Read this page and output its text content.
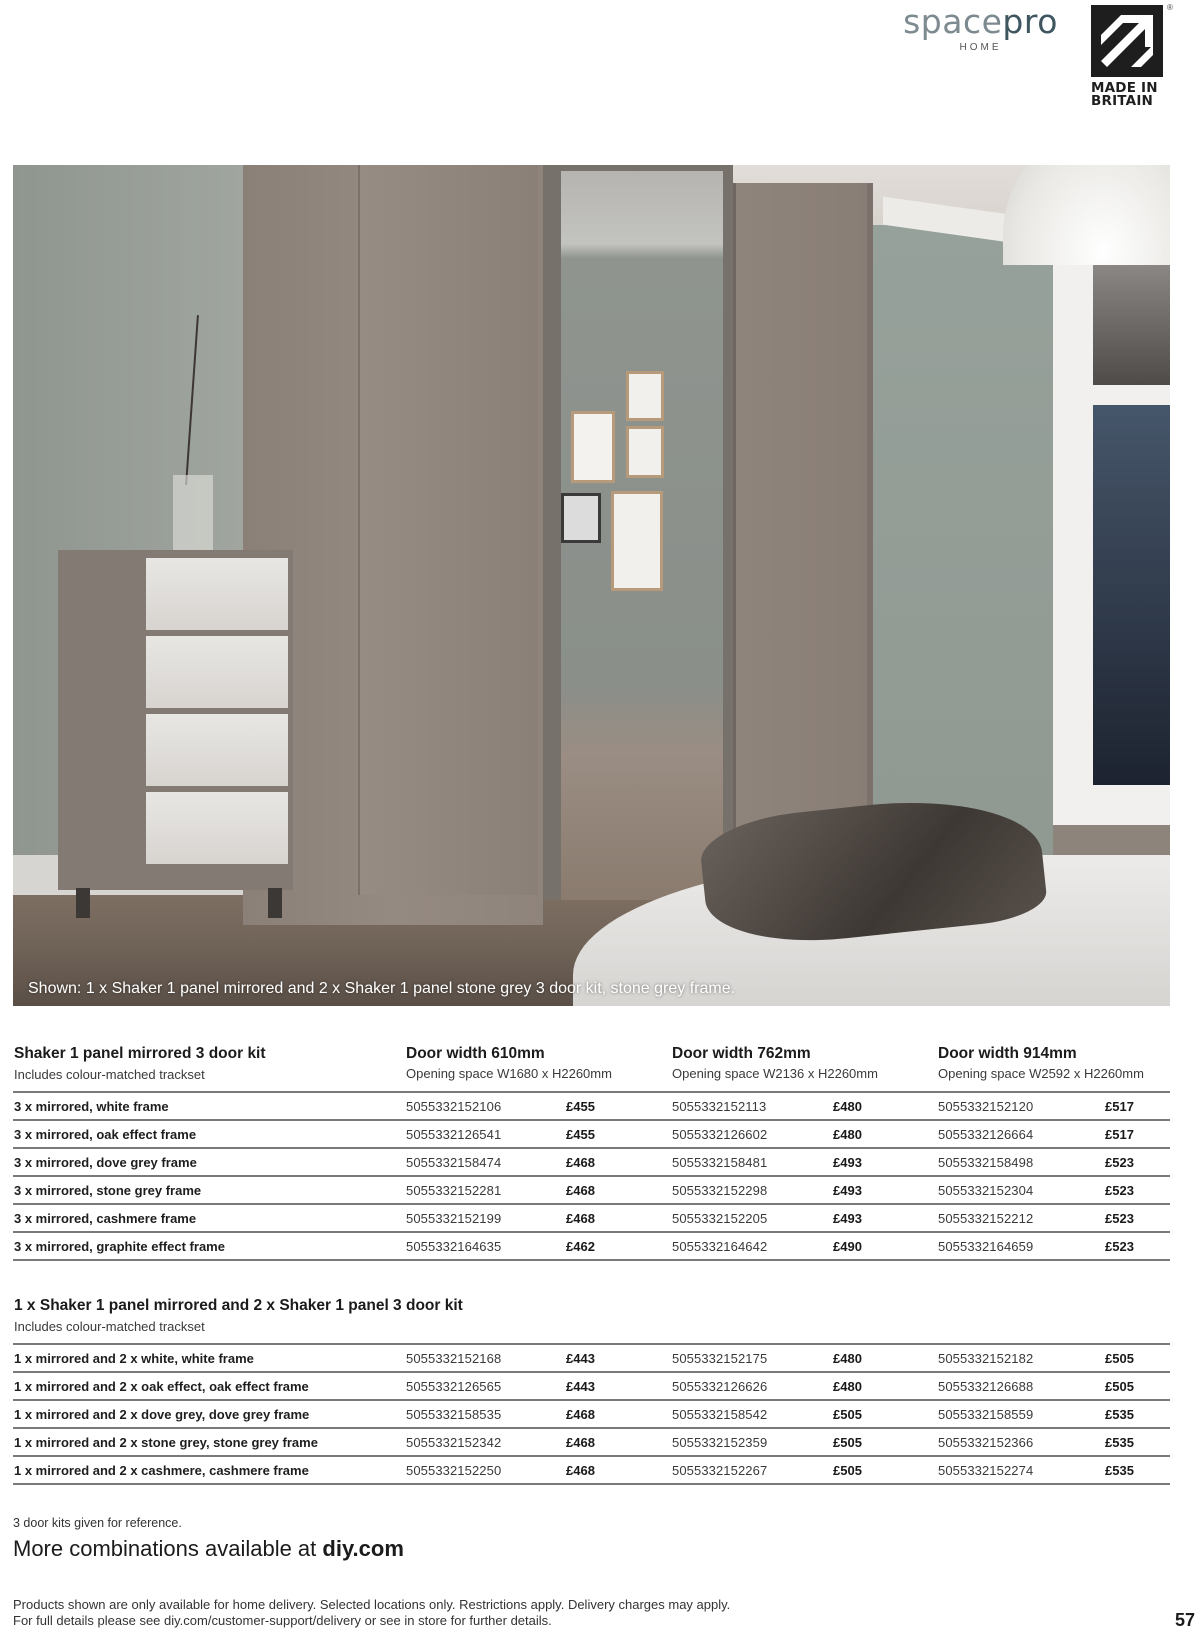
spacepro
HOME
®
MADE IN
BRITAIN
Shown: 1 x Shaker 1 panel mirrored and 2 x Shaker 1 panel stone grey 3 door kit, stone grey frame.
Shaker 1 panel mirrored 3 door kit
Includes colour-matched trackset
Door width 610mm
Opening space W1680 x H2260mm
Door width 762mm
Opening space W2136 x H2260mm
Door width 914mm
Opening space W2592 x H2260mm
3 x mirrored, white frame	5055332152106	£455	5055332152113	£480	5055332152120	£517
3 x mirrored, oak effect frame	5055332126541	£455	5055332126602	£480	5055332126664	£517
3 x mirrored, dove grey frame	5055332158474	£468	5055332158481	£493	5055332158498	£523
3 x mirrored, stone grey frame	5055332152281	£468	5055332152298	£493	5055332152304	£523
3 x mirrored, cashmere frame	5055332152199	£468	5055332152205	£493	5055332152212	£523
3 x mirrored, graphite effect frame	5055332164635	£462	5055332164642	£490	5055332164659	£523
1 x Shaker 1 panel mirrored and 2 x Shaker 1 panel 3 door kit
Includes colour-matched trackset
1 x mirrored and 2 x white, white frame	5055332152168	£443	5055332152175	£480	5055332152182	£505
1 x mirrored and 2 x oak effect, oak effect frame	5055332126565	£443	5055332126626	£480	5055332126688	£505
1 x mirrored and 2 x dove grey, dove grey frame	5055332158535	£468	5055332158542	£505	5055332158559	£535
1 x mirrored and 2 x stone grey, stone grey frame	5055332152342	£468	5055332152359	£505	5055332152366	£535
1 x mirrored and 2 x cashmere, cashmere frame	5055332152250	£468	5055332152267	£505	5055332152274	£535
3 door kits given for reference.
More combinations available at diy.com
Products shown are only available for home delivery. Selected locations only. Restrictions apply. Delivery charges may apply.
For full details please see diy.com/customer-support/delivery or see in store for further details.	57
